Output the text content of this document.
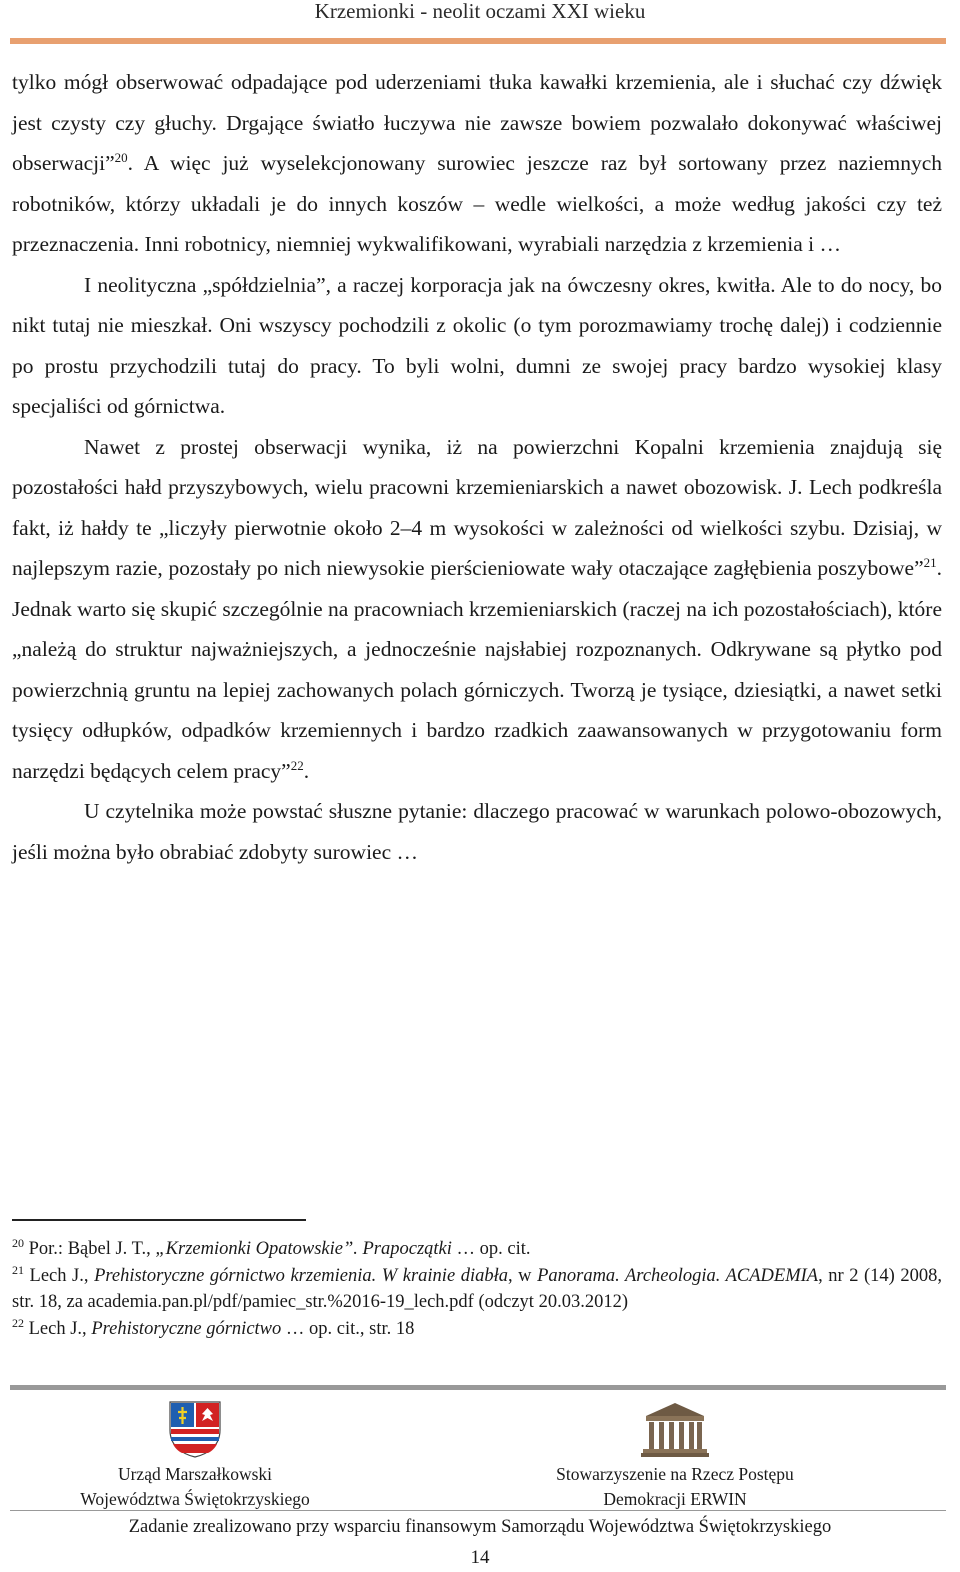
Krzemionki - neolit oczami XXI wieku

tylko mógł obserwować odpadające pod uderzeniami tłuka kawałki krzemienia, ale i słuchać czy dźwięk jest czysty czy głuchy. Drgające światło łuczywa nie zawsze bowiem pozwalało dokonywać właściwej obserwacji”$^{20}$. A więc już wyselekcjonowany surowiec jeszcze raz był sortowany przez naziemnych robotników, którzy układali je do innych koszów – wedle wielkości, a może według jakości czy też przeznaczenia. Inni robotnicy, niemniej wykwalifikowani, wyrabiali narzędzia z krzemienia i …

I neolityczna „spółdzielnia”, a raczej korporacja jak na ówczesny okres, kwitła. Ale to do nocy, bo nikt tutaj nie mieszkał. Oni wszyscy pochodzili z okolic (o tym porozmawiamy trochę dalej) i codziennie po prostu przychodzili tutaj do pracy. To byli wolni, dumni ze swojej pracy bardzo wysokiej klasy specjaliści od górnictwa.

Nawet z prostej obserwacji wynika, iż na powierzchni Kopalni krzemienia znajdują się pozostałości hałd przyszybowych, wielu pracowni krzemieniarskich a nawet obozowisk. J. Lech podkreśla fakt, iż hałdy te „liczyły pierwotnie około 2–4 m wysokości w zależności od wielkości szybu. Dzisiaj, w najlepszym razie, pozostały po nich niewysokie pierścieniowate wały otaczające zagłębienia poszybowe”$^{21}$. Jednak warto się skupić szczególnie na pracowniach krzemieniarskich (raczej na ich pozostałościach), które „należą do struktur najważniejszych, a jednocześnie najsłabiej rozpoznanych. Odkrywane są płytko pod powierzchnią gruntu na lepiej zachowanych polach górniczych. Tworzą je tysiące, dziesiątki, a nawet setki tysięcy odłupków, odpadków krzemiennych i bardzo rzadkich zaawansowanych w przygotowaniu form narzędzi będących celem pracy”$^{22}$.

U czytelnika może powstać słuszne pytanie: dlaczego pracować w warunkach polowo-obozowych, jeśli można było obrabiać zdobyty surowiec …

$^{20}$ Por.: Bąbel J. T., „Krzemionki Opatowskie”. Prapoczątki … op. cit.

$^{21}$ Lech J., Prehistoryczne górnictwo krzemienia. W krainie diabła, w Panorama. Archeologia. ACADEMIA, nr 2 (14) 2008, str. 18, za academia.pan.pl/pdf/pamiec_str.%2016-19_lech.pdf (odczyt 20.03.2012)

$^{22}$ Lech J., Prehistoryczne górnictwo … op. cit., str. 18

Urząd Marszałkowski
Województwa Świętokrzyskiego
Stowarzyszenie na Rzecz Postępu
Demokracji ERWIN
Zadanie zrealizowano przy wsparciu finansowym Samorządu Województwa Świętokrzyskiego
14
